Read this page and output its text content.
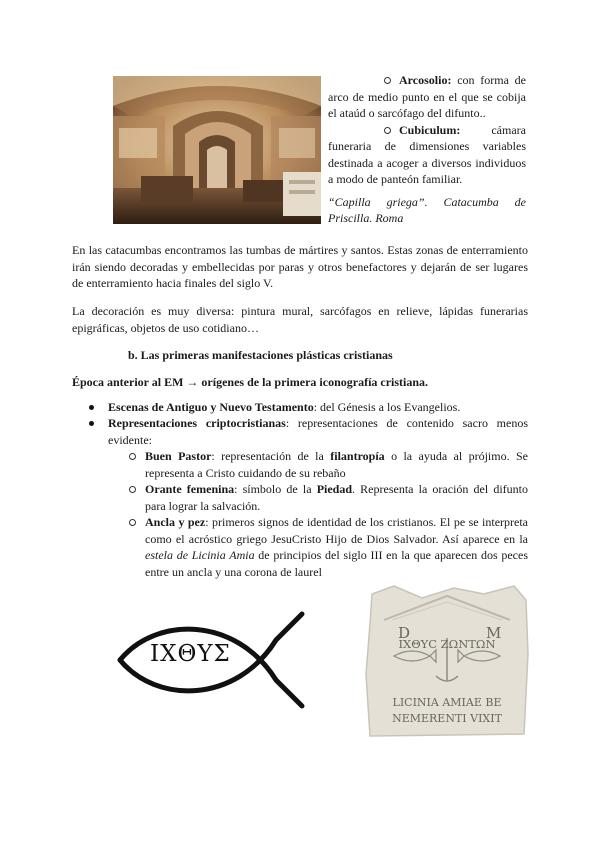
Arcosolio: con forma de arco de medio punto en el que se cobija el ataúd o sarcófago del difunto..

Cubiculum:	cámara funeraria de dimensiones variables destinada a acoger a diversos individuos a modo de panteón familiar.

“Capilla griega”. Catacumba de Priscilla. Roma

En las catacumbas encontramos las tumbas de mártires y santos. Estas zonas de enterramiento irán siendo decoradas y embellecidas por paras y otros benefactores y dejarán de ser lugares de enterramiento hacia finales del siglo V.

La decoración es muy diversa: pintura mural, sarcófagos en relieve, lápidas funerarias epigráficas, objetos de uso cotidiano…

b. Las primeras manifestaciones plásticas cristianas

Época anterior al EM → orígenes de la primera iconografía cristiana.

Escenas de Antiguo y Nuevo Testamento: del Génesis a los Evangelios.
Representaciones criptocristianas: representaciones de contenido sacro menos evidente:
Buen Pastor: representación de la filantropía o la ayuda al prójimo. Se representa a Cristo cuidando de su rebaño
Orante femenina: símbolo de la Piedad. Representa la oración del difunto para lograr la salvación.
Ancla y pez: primeros signos de identidad de los cristianos. El pe se interpreta como el acróstico griego JesuCristo Hijo de Dios Salvador. Así aparece en la estela de Licinia Amia de principios del siglo III en la que aparecen dos peces entre un ancla y una corona de laurel
ΙΧΘΥΣ
D	M
ΙΧΘΥϹ ΖΩΝΤΩΝ
LICINIA AMIAE BE
NEMERENTI VIXIT
